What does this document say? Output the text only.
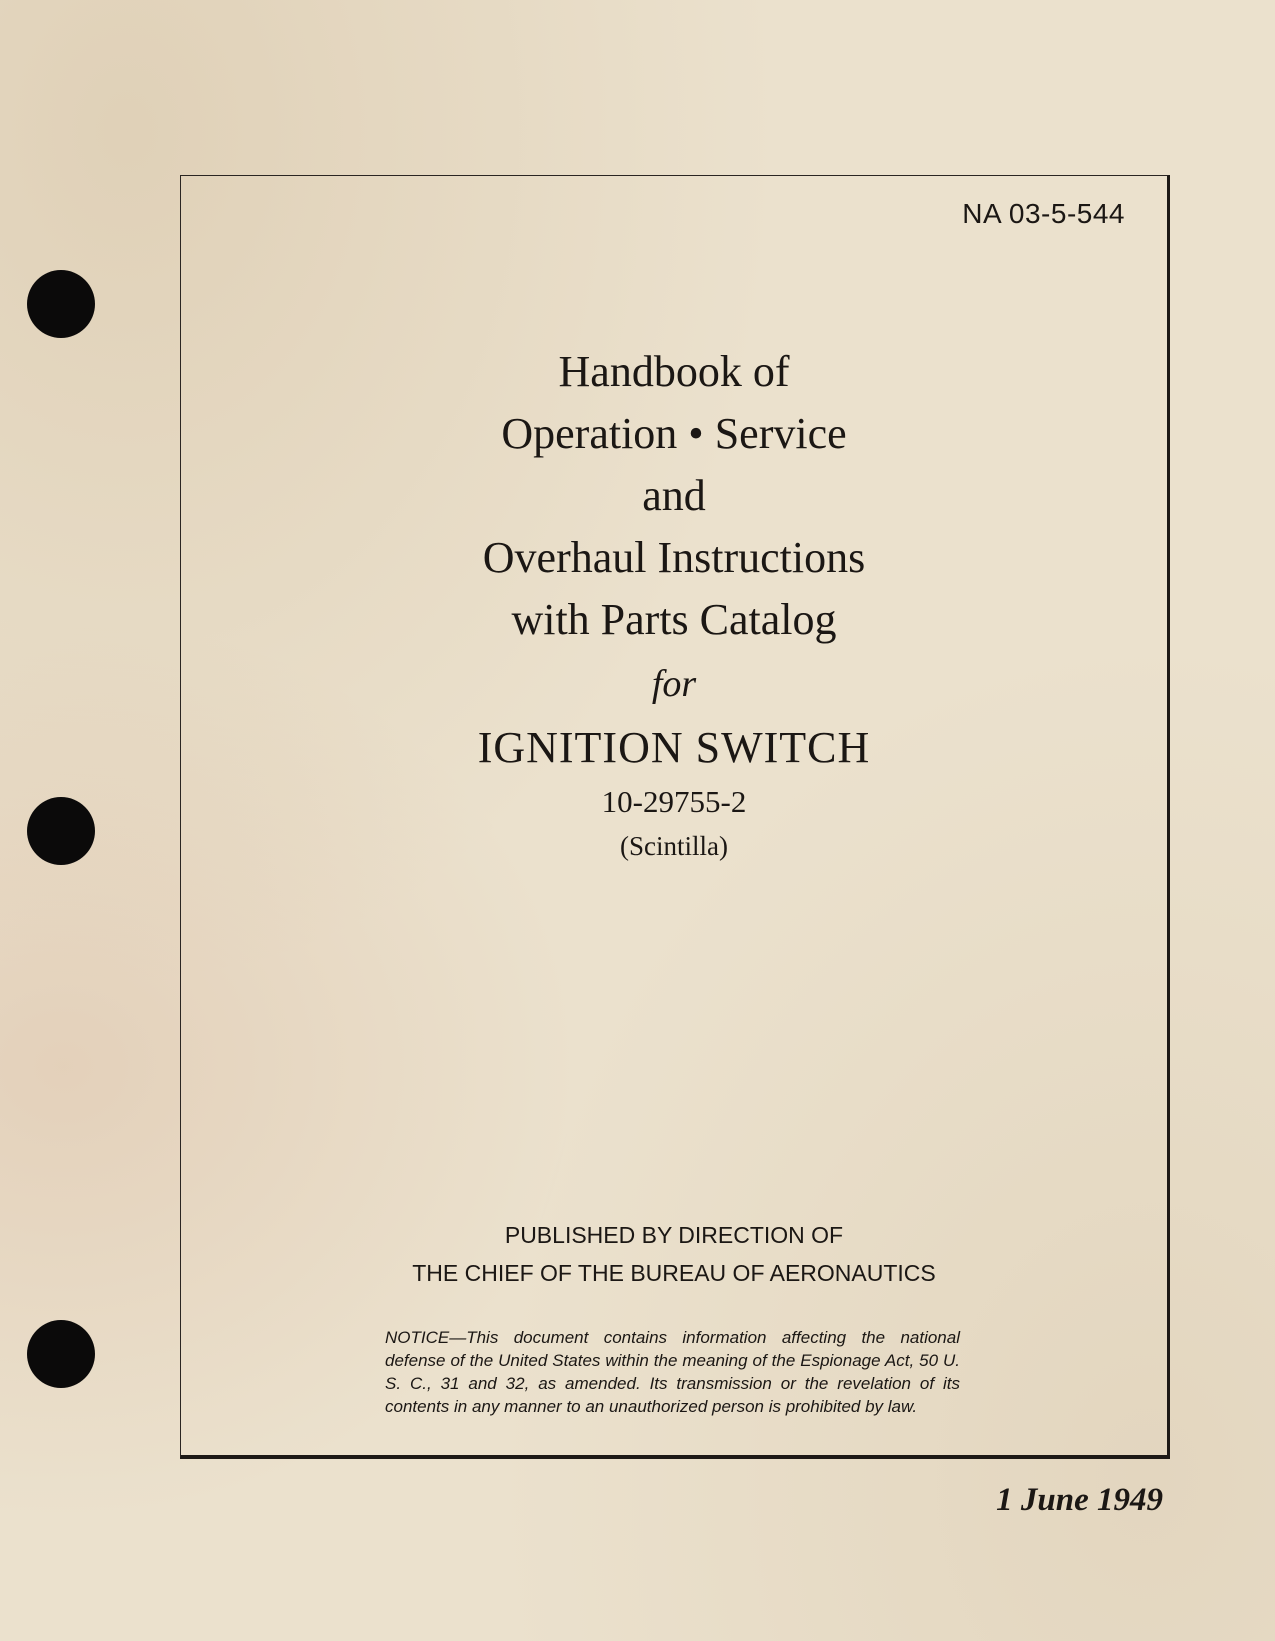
NA 03-5-544

Handbook of

Operation • Service

and

Overhaul Instructions

with Parts Catalog

for

IGNITION SWITCH

10-29755-2

(Scintilla)

PUBLISHED BY DIRECTION OF
THE CHIEF OF THE BUREAU OF AERONAUTICS
NOTICE—This document contains information affecting the national defense of the United States within the meaning of the Espionage Act, 50 U. S. C., 31 and 32, as amended. Its transmission or the revelation of its contents in any manner to an unauthorized person is prohibited by law.
1 June 1949
